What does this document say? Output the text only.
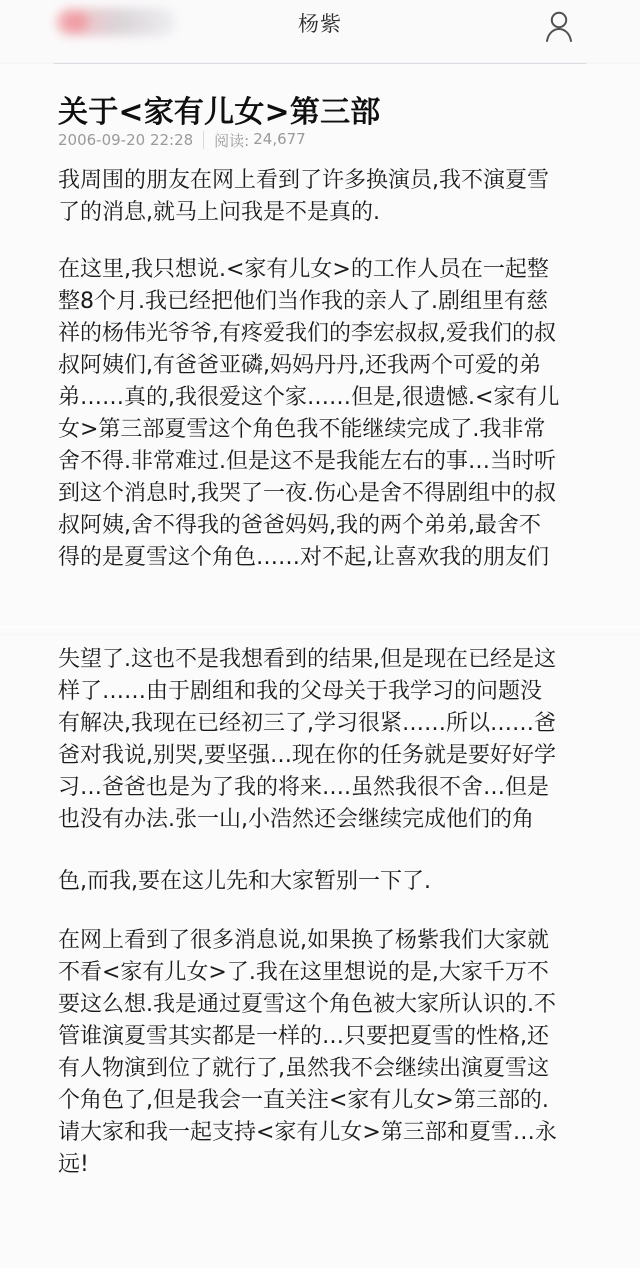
杨紫
关于<家有儿女>第三部
2006-09-20 22:28 阅读: 24,677
我周围的朋友在网上看到了许多换演员,我不演夏雪
了的消息,就马上问我是不是真的.
在这里,我只想说.<家有儿女>的工作人员在一起整
整8个月.我已经把他们当作我的亲人了.剧组里有慈
祥的杨伟光爷爷,有疼爱我们的李宏叔叔,爱我们的叔
叔阿姨们,有爸爸亚磷,妈妈丹丹,还我两个可爱的弟
弟……真的,我很爱这个家……但是,很遗憾.<家有儿
女>第三部夏雪这个角色我不能继续完成了.我非常
舍不得.非常难过.但是这不是我能左右的事…当时听
到这个消息时,我哭了一夜.伤心是舍不得剧组中的叔
叔阿姨,舍不得我的爸爸妈妈,我的两个弟弟,最舍不
得的是夏雪这个角色……对不起,让喜欢我的朋友们
失望了.这也不是我想看到的结果,但是现在已经是这
样了……由于剧组和我的父母关于我学习的问题没
有解决,我现在已经初三了,学习很紧……所以……爸
爸对我说,别哭,要坚强…现在你的任务就是要好好学
习…爸爸也是为了我的将来….虽然我很不舍…但是
也没有办法.张一山,小浩然还会继续完成他们的角
色,而我,要在这儿先和大家暂别一下了.
在网上看到了很多消息说,如果换了杨紫我们大家就
不看<家有儿女>了.我在这里想说的是,大家千万不
要这么想.我是通过夏雪这个角色被大家所认识的.不
管谁演夏雪其实都是一样的…只要把夏雪的性格,还
有人物演到位了就行了,虽然我不会继续出演夏雪这
个角色了,但是我会一直关注<家有儿女>第三部的.
请大家和我一起支持<家有儿女>第三部和夏雪…永
远!
